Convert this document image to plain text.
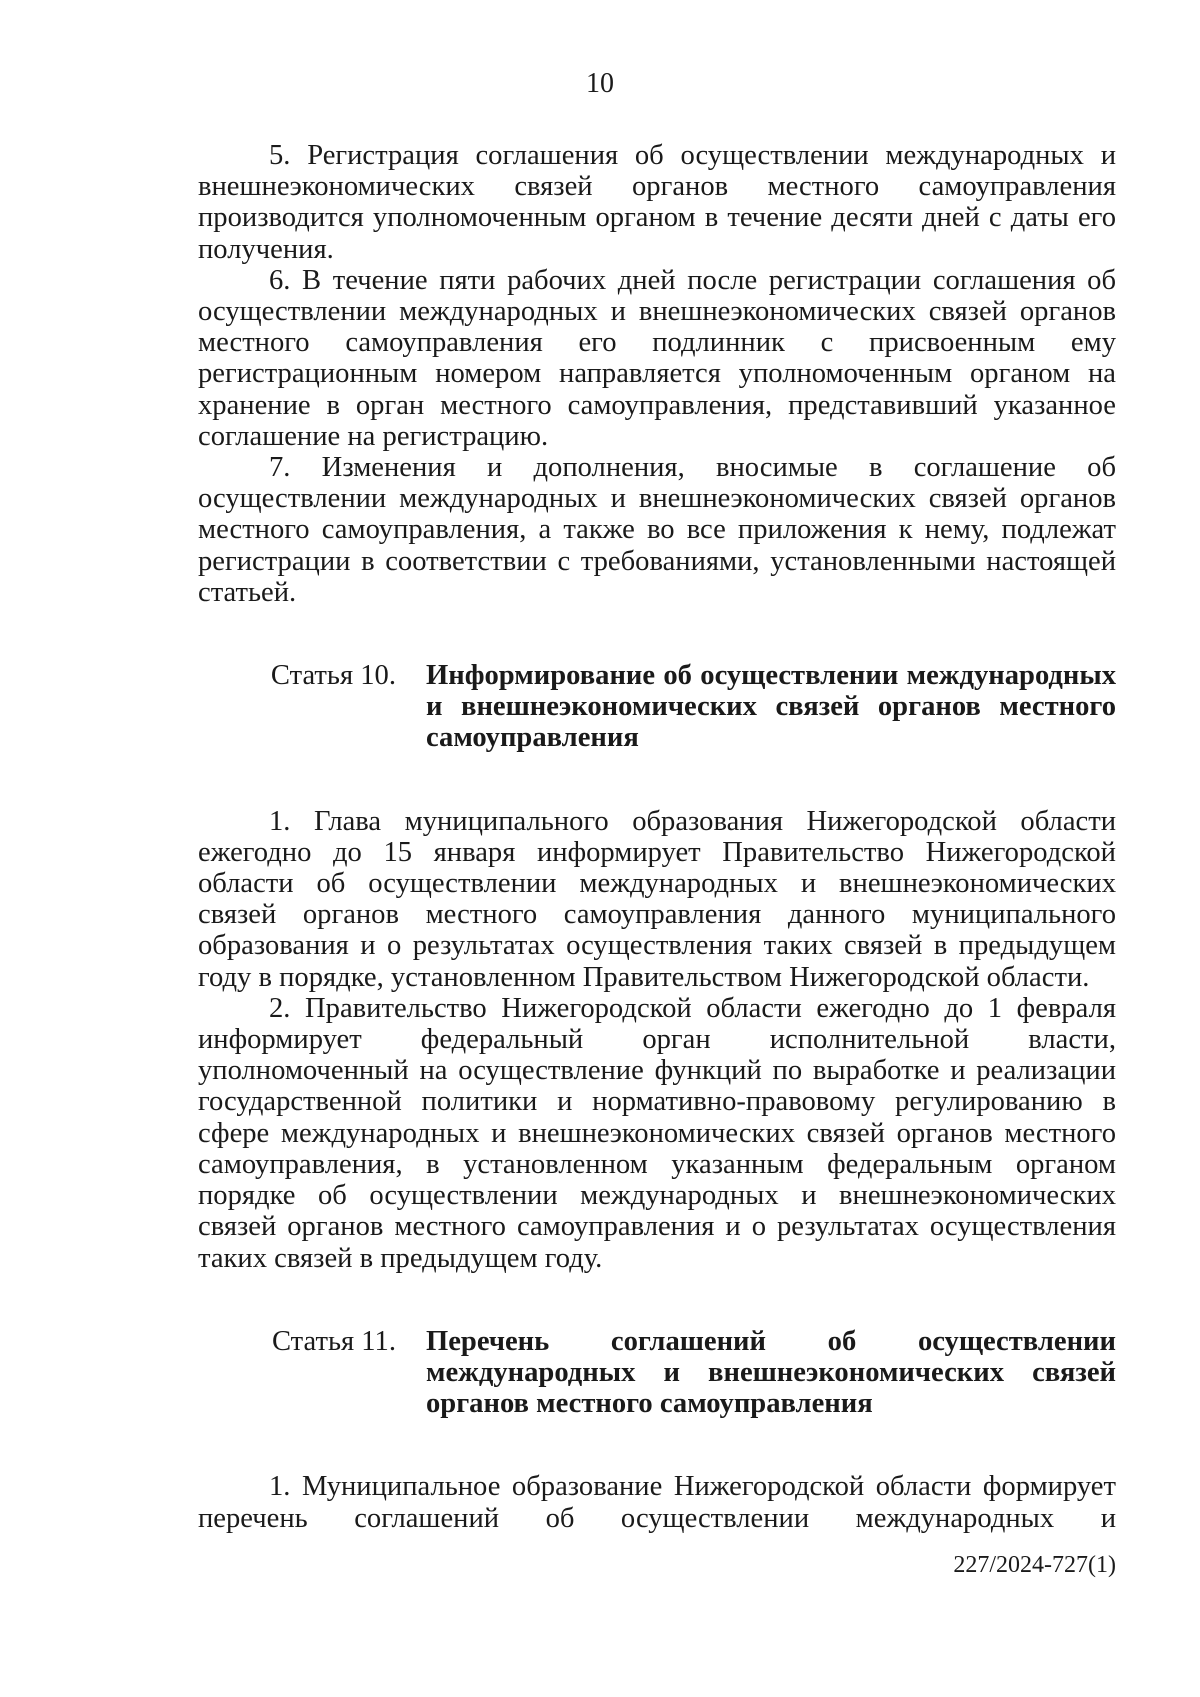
10

5. Регистрация соглашения об осуществлении международных и внешнеэкономических связей органов местного самоуправления производится уполномоченным органом в течение десяти дней с даты его получения.

6. В течение пяти рабочих дней после регистрации соглашения об осуществлении международных и внешнеэкономических связей органов местного самоуправления его подлинник с присвоенным ему регистрационным номером направляется уполномоченным органом на хранение в орган местного самоуправления, представивший указанное соглашение на регистрацию.

7. Изменения и дополнения, вносимые в соглашение об осуществлении международных и внешнеэкономических связей органов местного самоуправления, а также во все приложения к нему, подлежат регистрации в соответствии с требованиями, установленными настоящей статьей.

Статья 10.	Информирование об осуществлении международных и внешнеэкономических связей органов местного самоуправления

1. Глава муниципального образования Нижегородской области ежегодно до 15 января информирует Правительство Нижегородской области об осуществлении международных и внешнеэкономических связей органов местного самоуправления данного муниципального образования и о результатах осуществления таких связей в предыдущем году в порядке, установленном Правительством Нижегородской области.

2. Правительство Нижегородской области ежегодно до 1 февраля информирует федеральный орган исполнительной власти, уполномоченный на осуществление функций по выработке и реализации государственной политики и нормативно-правовому регулированию в сфере международных и внешнеэкономических связей органов местного самоуправления, в установленном указанным федеральным органом порядке об осуществлении международных и внешнеэкономических связей органов местного самоуправления и о результатах осуществления таких связей в предыдущем году.

Статья 11.	Перечень соглашений об осуществлении международных и внешнеэкономических связей органов местного самоуправления

1. Муниципальное образование Нижегородской области формирует перечень соглашений об осуществлении международных и

227/2024-727(1)
